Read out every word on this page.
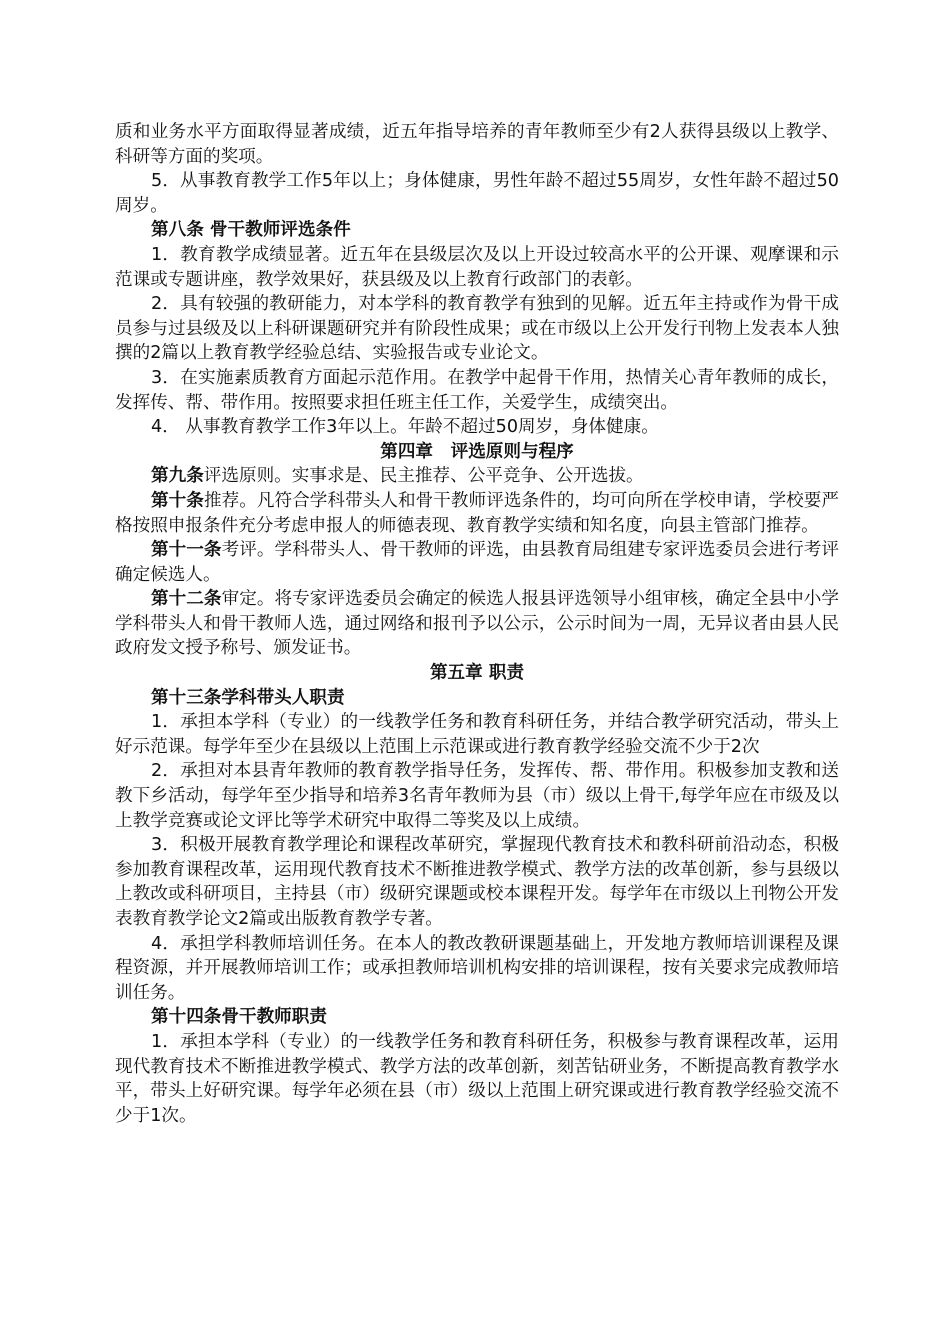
质和业务水平方面取得显著成绩，近五年指导培养的青年教师至少有2人获得县级以上教学、科研等方面的奖项。

5．从事教育教学工作5年以上；身体健康，男性年龄不超过55周岁，女性年龄不超过50周岁。

第八条 骨干教师评选条件

1．教育教学成绩显著。近五年在县级层次及以上开设过较高水平的公开课、观摩课和示范课或专题讲座，教学效果好，获县级及以上教育行政部门的表彰。

2．具有较强的教研能力，对本学科的教育教学有独到的见解。近五年主持或作为骨干成员参与过县级及以上科研课题研究并有阶段性成果；或在市级以上公开发行刊物上发表本人独撰的2篇以上教育教学经验总结、实验报告或专业论文。

3．在实施素质教育方面起示范作用。在教学中起骨干作用，热情关心青年教师的成长，发挥传、帮、带作用。按照要求担任班主任工作，关爱学生，成绩突出。

4． 从事教育教学工作3年以上。年龄不超过50周岁，身体健康。

第四章　评选原则与程序

第九条评选原则。实事求是、民主推荐、公平竞争、公开选拔。

第十条推荐。凡符合学科带头人和骨干教师评选条件的，均可向所在学校申请，学校要严格按照申报条件充分考虑申报人的师德表现、教育教学实绩和知名度，向县主管部门推荐。

第十一条考评。学科带头人、骨干教师的评选，由县教育局组建专家评选委员会进行考评确定候选人。

第十二条审定。将专家评选委员会确定的候选人报县评选领导小组审核，确定全县中小学学科带头人和骨干教师人选，通过网络和报刊予以公示，公示时间为一周，无异议者由县人民政府发文授予称号、颁发证书。

第五章 职责

第十三条学科带头人职责

1．承担本学科（专业）的一线教学任务和教育科研任务，并结合教学研究活动，带头上好示范课。每学年至少在县级以上范围上示范课或进行教育教学经验交流不少于2次

2．承担对本县青年教师的教育教学指导任务，发挥传、帮、带作用。积极参加支教和送教下乡活动，每学年至少指导和培养3名青年教师为县（市）级以上骨干,每学年应在市级及以上教学竞赛或论文评比等学术研究中取得二等奖及以上成绩。

3．积极开展教育教学理论和课程改革研究，掌握现代教育技术和教科研前沿动态，积极参加教育课程改革，运用现代教育技术不断推进教学模式、教学方法的改革创新，参与县级以上教改或科研项目，主持县（市）级研究课题或校本课程开发。每学年在市级以上刊物公开发表教育教学论文2篇或出版教育教学专著。

4．承担学科教师培训任务。在本人的教改教研课题基础上，开发地方教师培训课程及课程资源，并开展教师培训工作；或承担教师培训机构安排的培训课程，按有关要求完成教师培训任务。

第十四条骨干教师职责

1．承担本学科（专业）的一线教学任务和教育科研任务，积极参与教育课程改革，运用现代教育技术不断推进教学模式、教学方法的改革创新，刻苦钻研业务，不断提高教育教学水平，带头上好研究课。每学年必须在县（市）级以上范围上研究课或进行教育教学经验交流不少于1次。
